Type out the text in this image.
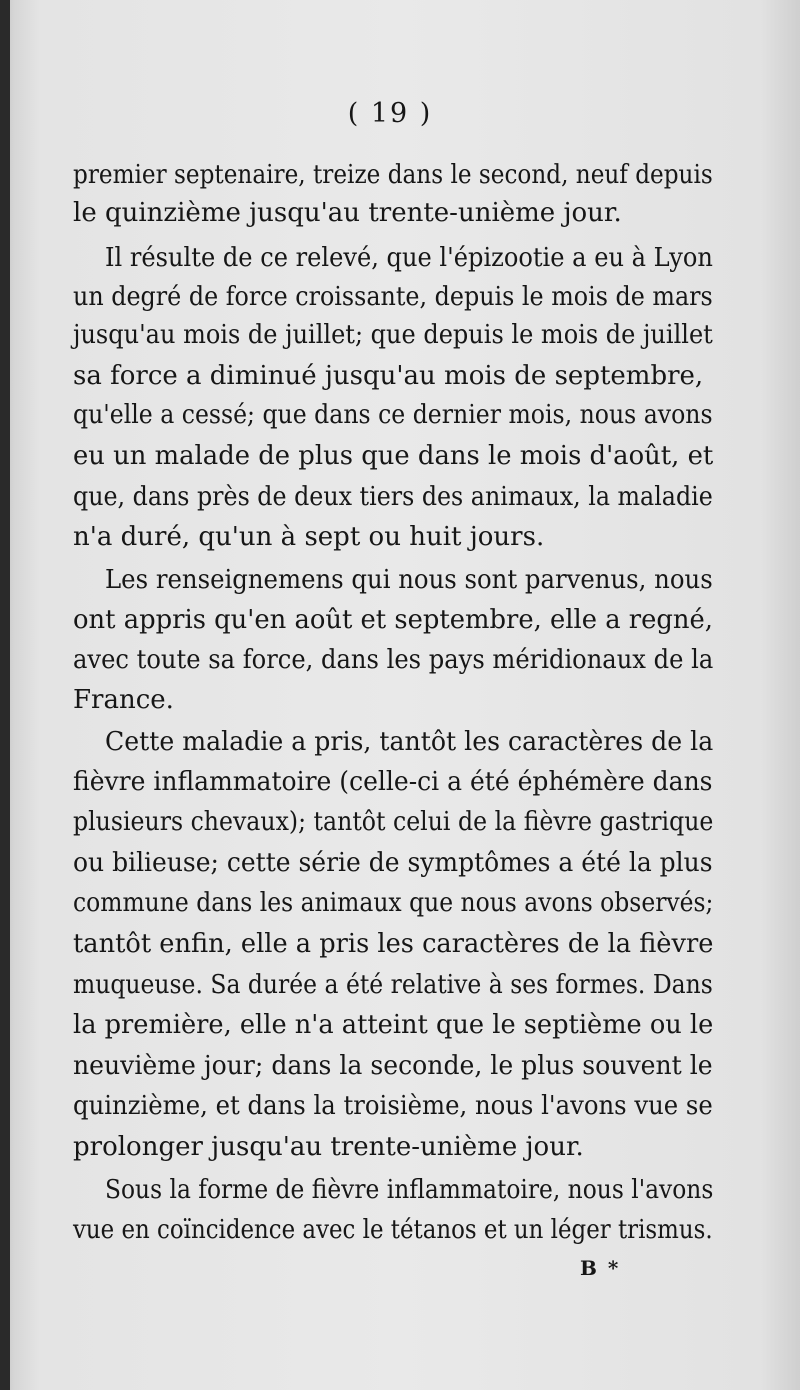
( 19 )
premier septenaire, treize dans le second, neuf depuis
le quinzième jusqu'au trente-unième jour.
Il résulte de ce relevé, que l'épizootie a eu à Lyon
un degré de force croissante, depuis le mois de mars
jusqu'au mois de juillet; que depuis le mois de juillet
sa force a diminué jusqu'au mois de septembre,
qu'elle a cessé; que dans ce dernier mois, nous avons
eu un malade de plus que dans le mois d'août, et
que, dans près de deux tiers des animaux, la maladie
n'a duré, qu'un à sept ou huit jours.
Les renseignemens qui nous sont parvenus, nous
ont appris qu'en août et septembre, elle a regné,
avec toute sa force, dans les pays méridionaux de la
France.
Cette maladie a pris, tantôt les caractères de la
fièvre inflammatoire (celle-ci a été éphémère dans
plusieurs chevaux); tantôt celui de la fièvre gastrique
ou bilieuse; cette série de symptômes a été la plus
commune dans les animaux que nous avons observés;
tantôt enfin, elle a pris les caractères de la fièvre
muqueuse. Sa durée a été relative à ses formes. Dans
la première, elle n'a atteint que le septième ou le
neuvième jour; dans la seconde, le plus souvent le
quinzième, et dans la troisième, nous l'avons vue se
prolonger jusqu'au trente-unième jour.
Sous la forme de fièvre inflammatoire, nous l'avons
vue en coïncidence avec le tétanos et un léger trismus.
B *
